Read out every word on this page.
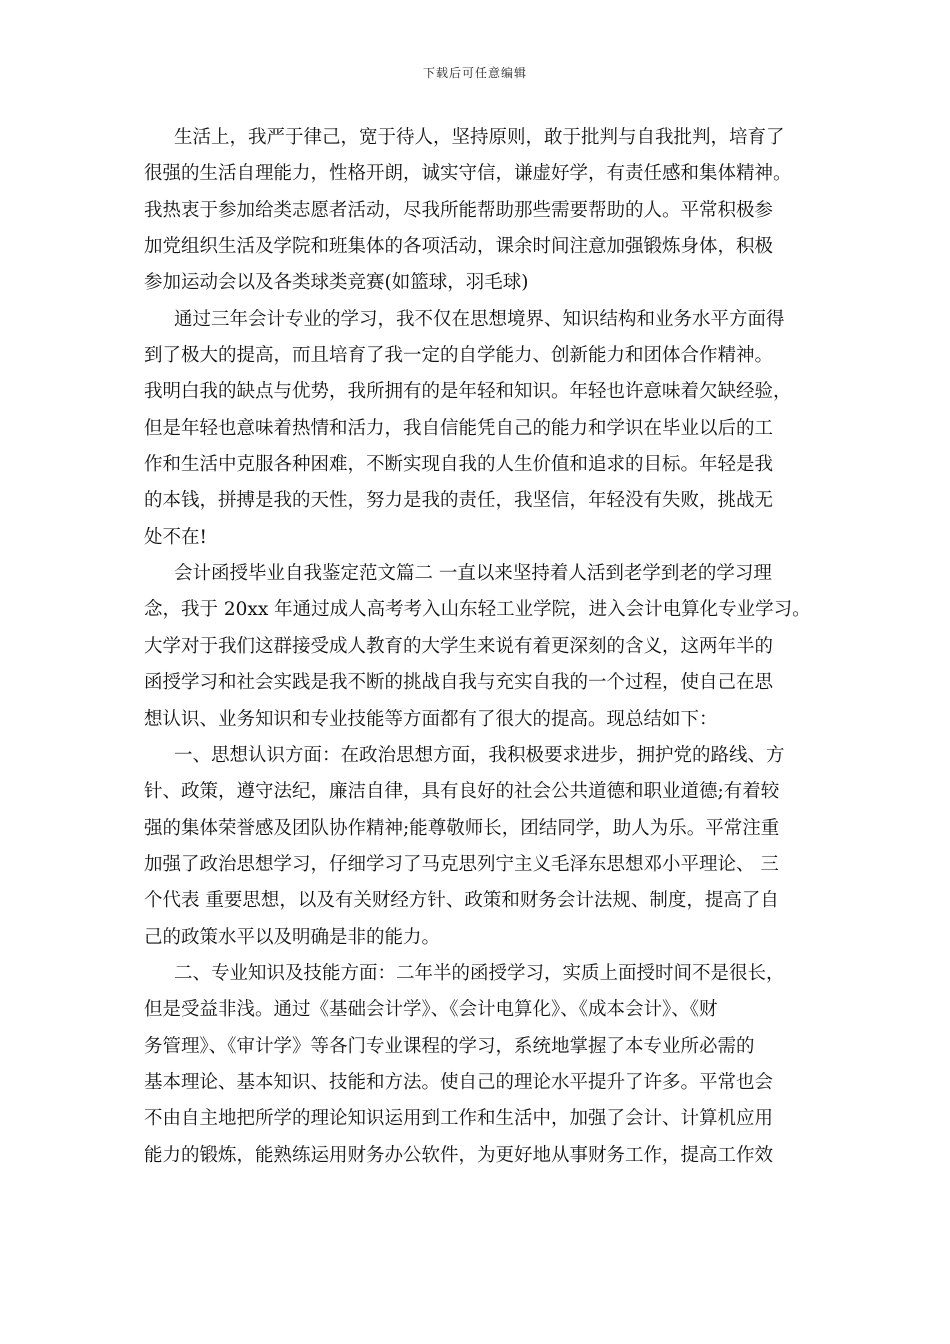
下载后可任意编辑
生活上，我严于律己，宽于待人，坚持原则，敢于批判与自我批判，培育了
很强的生活自理能力，性格开朗，诚实守信，谦虚好学，有责任感和集体精神。
我热衷于参加给类志愿者活动，尽我所能帮助那些需要帮助的人。平常积极参
加党组织生活及学院和班集体的各项活动，课余时间注意加强锻炼身体，积极
参加运动会以及各类球类竞赛(如篮球，羽毛球)
通过三年会计专业的学习，我不仅在思想境界、知识结构和业务水平方面得
到了极大的提高，而且培育了我一定的自学能力、创新能力和团体合作精神。
我明白我的缺点与优势，我所拥有的是年轻和知识。年轻也许意味着欠缺经验，
但是年轻也意味着热情和活力，我自信能凭自己的能力和学识在毕业以后的工
作和生活中克服各种困难，不断实现自我的人生价值和追求的目标。年轻是我
的本钱，拼搏是我的天性，努力是我的责任，我坚信，年轻没有失败，挑战无
处不在!
会计函授毕业自我鉴定范文篇二 一直以来坚持着人活到老学到老的学习理
念，我于 20xx 年通过成人高考考入山东轻工业学院，进入会计电算化专业学习。
大学对于我们这群接受成人教育的大学生来说有着更深刻的含义，这两年半的
函授学习和社会实践是我不断的挑战自我与充实自我的一个过程，使自己在思
想认识、业务知识和专业技能等方面都有了很大的提高。现总结如下：
一、思想认识方面：在政治思想方面，我积极要求进步，拥护党的路线、方
针、政策，遵守法纪，廉洁自律，具有良好的社会公共道德和职业道德;有着较
强的集体荣誉感及团队协作精神;能尊敬师长，团结同学，助人为乐。平常注重
加强了政治思想学习，仔细学习了马克思列宁主义毛泽东思想邓小平理论、 三
个代表 重要思想，以及有关财经方针、政策和财务会计法规、制度，提高了自
己的政策水平以及明确是非的能力。
二、专业知识及技能方面：二年半的函授学习，实质上面授时间不是很长，
但是受益非浅。通过《基础会计学》、《会计电算化》、《成本会计》、《财
务管理》、《审计学》等各门专业课程的学习，系统地掌握了本专业所必需的
基本理论、基本知识、技能和方法。使自己的理论水平提升了许多。平常也会
不由自主地把所学的理论知识运用到工作和生活中，加强了会计、计算机应用
能力的锻炼，能熟练运用财务办公软件，为更好地从事财务工作，提高工作效
